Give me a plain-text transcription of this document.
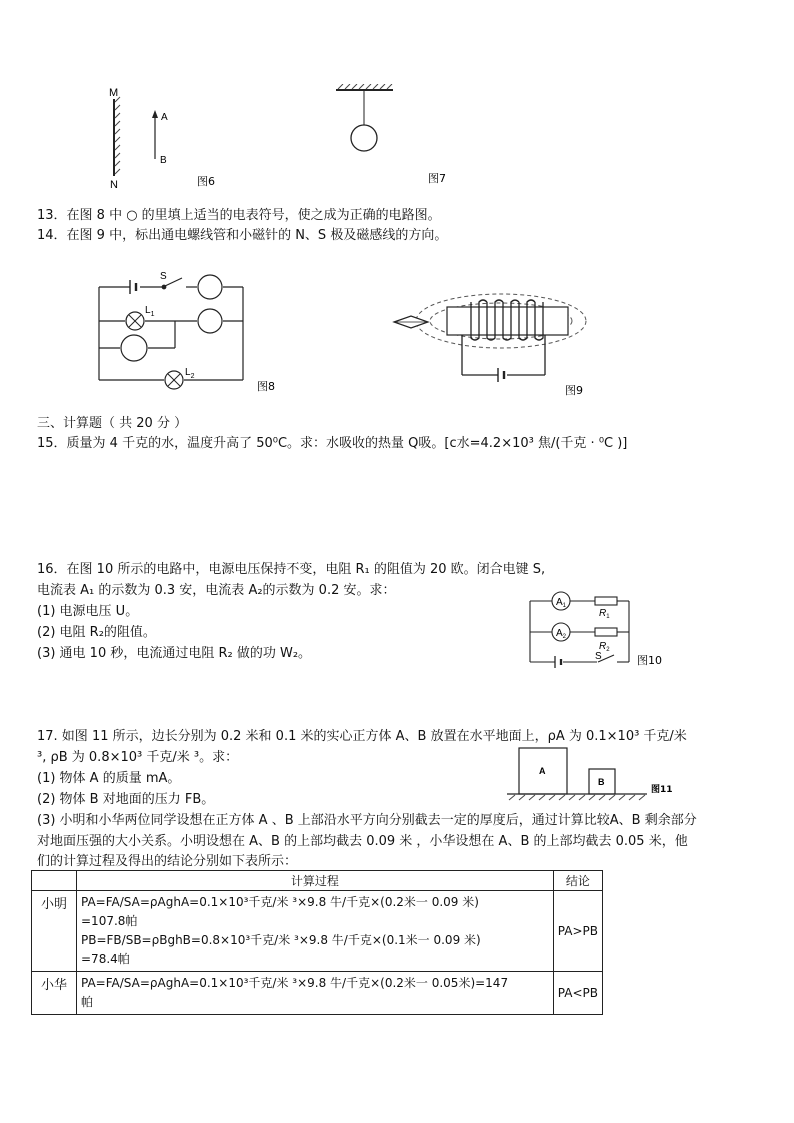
M
N
A
B
图6	图7
13．在图 8 中 ○ 的里填上适当的电表符号，使之成为正确的电路图。
14．在图 9 中，标出通电螺线管和小磁针的 N、S 极及磁感线的方向。
S
$L_1$
$L_2$
图8	图9
三、计算题（ 共 20 分 ）
15．质量为 4 千克的水，温度升高了 50⁰C。求：水吸收的热量 Q吸。[c水=4.2×10³ 焦/(千克 · ⁰C )]
16．在图 10 所示的电路中，电源电压保持不变，电阻 R₁ 的阻值为 20 欧。闭合电键 S,
电流表 A₁ 的示数为 0.3 安，电流表 A₂的示数为 0.2 安。求：
(1) 电源电压 U。
(2) 电阻 R₂的阻值。
(3) 通电 10 秒，电流通过电阻 R₂ 做的功 W₂。
$A_1$
$A_2$
$R_1$
$R_2$
S	图10
17. 如图 11 所示，边长分别为 0.2 米和 0.1 米的实心正方体 A、B 放置在水平地面上，ρA 为 0.1×10³ 千克/米
³, ρB 为 0.8×10³ 千克/米 ³。求：
(1) 物体 A 的质量 mA。
(2) 物体 B 对地面的压力 FB。
(3) 小明和小华两位同学设想在正方体 A 、B 上部沿水平方向分别截去一定的厚度后，通过计算比较A、B 剩余部分
对地面压强的大小关系。小明设想在 A、B 的上部均截去 0.09 米 ，小华设想在 A、B 的上部均截去 0.05 米，他
们的计算过程及得出的结论分别如下表所示：
A
B
图11
	计算过程	结论
小明	PA=FA/SA=ρAghA=0.1×10³千克/米 ³×9.8 牛/千克×(0.2米一 0.09 米)
=107.8帕
PB=FB/SB=ρBghB=0.8×10³千克/米 ³×9.8 牛/千克×(0.1米一 0.09 米)
=78.4帕	PA>PB
小华	PA=FA/SA=ρAghA=0.1×10³千克/米 ³×9.8 牛/千克×(0.2米一 0.05米)=147
帕	PA<PB
